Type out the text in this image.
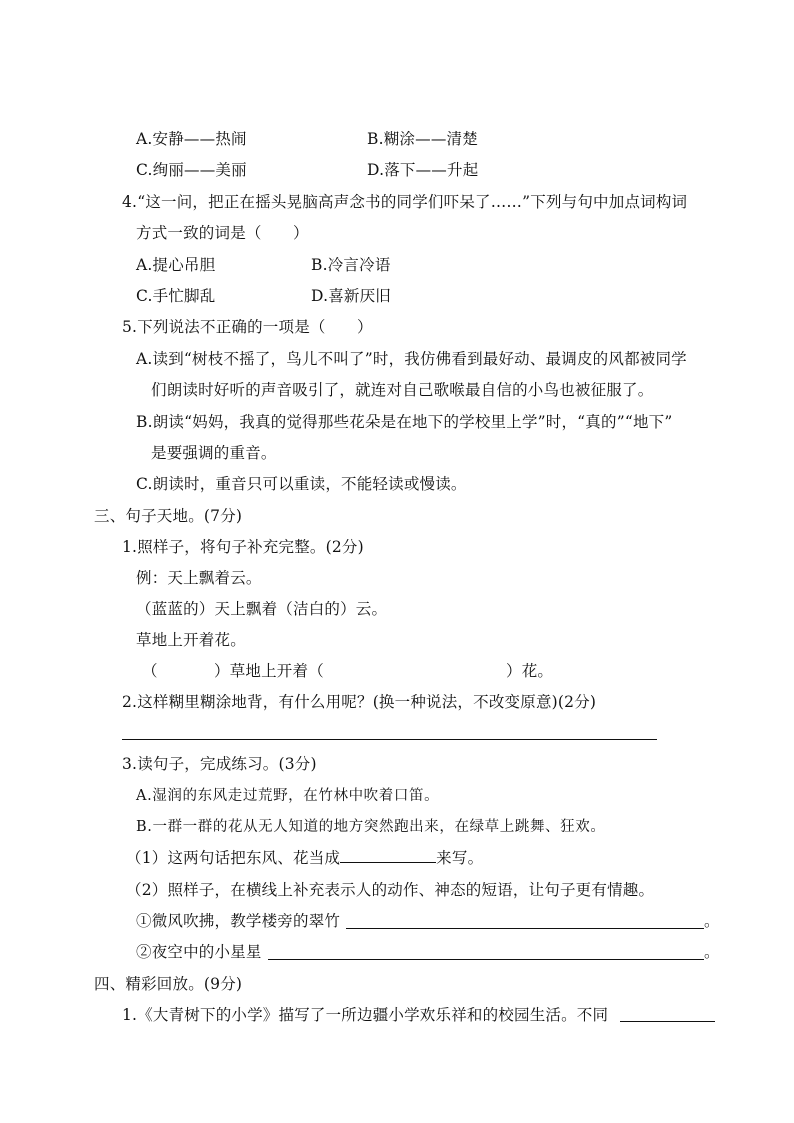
A.安静——热闹	B.糊涂——清楚
C.绚丽——美丽	D.落下——升起
4.“这一问，把正在摇头晃脑高声念书的同学们吓呆了……”下列与句中加点词构词
方式一致的词是（　　）
A.提心吊胆	B.冷言冷语
C.手忙脚乱	D.喜新厌旧
5.下列说法不正确的一项是（　　）
A.读到“树枝不摇了，鸟儿不叫了”时，我仿佛看到最好动、最调皮的风都被同学
们朗读时好听的声音吸引了，就连对自己歌喉最自信的小鸟也被征服了。
B.朗读“妈妈，我真的觉得那些花朵是在地下的学校里上学”时，“真的”“地下”
是要强调的重音。
C.朗读时，重音只可以重读，不能轻读或慢读。
三、句子天地。(7分)
1.照样子，将句子补充完整。(2分)
例：天上飘着云。
（蓝蓝的）天上飘着（洁白的）云。
草地上开着花。
（	）草地上开着（	）花。
2.这样糊里糊涂地背，有什么用呢？(换一种说法，不改变原意)(2分)
3.读句子，完成练习。(3分)
A.湿润的东风走过荒野，在竹林中吹着口笛。
B.一群一群的花从无人知道的地方突然跑出来，在绿草上跳舞、狂欢。
（1）这两句话把东风、花当成	来写。
（2）照样子，在横线上补充表示人的动作、神态的短语，让句子更有情趣。
①微风吹拂，教学楼旁的翠竹	。
②夜空中的小星星	。
四、精彩回放。(9分)
1.《大青树下的小学》描写了一所边疆小学欢乐祥和的校园生活。不同
